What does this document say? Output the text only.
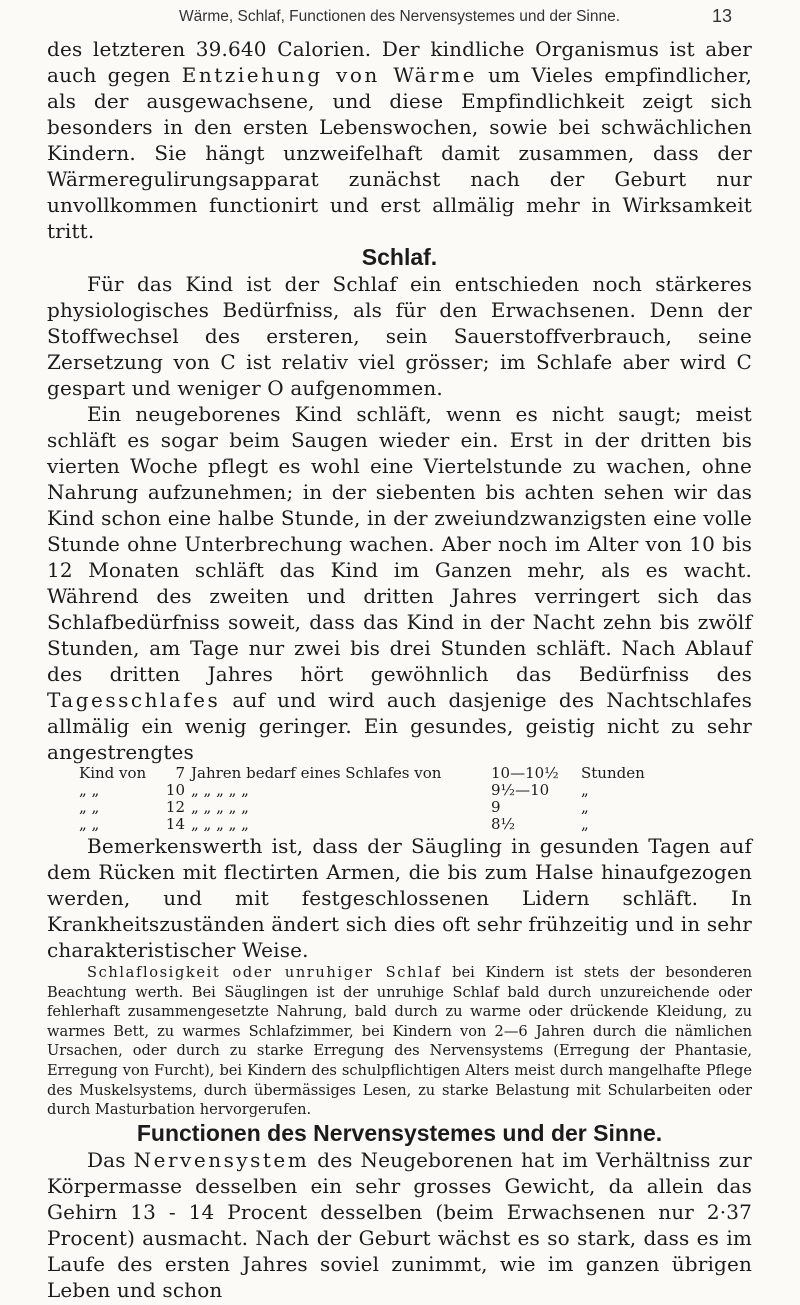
Wärme, Schlaf, Functionen des Nervensystemes und der Sinne.	13

des letzteren 39.640 Calorien. Der kindliche Organismus ist aber auch gegen Entziehung von Wärme um Vieles empfindlicher, als der ausgewachsene, und diese Empfindlichkeit zeigt sich besonders in den ersten Lebenswochen, sowie bei schwächlichen Kindern. Sie hängt unzweifelhaft damit zusammen, dass der Wärmeregulirungsapparat zunächst nach der Geburt nur unvollkommen functionirt und erst allmälig mehr in Wirksamkeit tritt.

Schlaf.

Für das Kind ist der Schlaf ein entschieden noch stärkeres physiologisches Bedürfniss, als für den Erwachsenen. Denn der Stoffwechsel des ersteren, sein Sauerstoffverbrauch, seine Zersetzung von C ist relativ viel grösser; im Schlafe aber wird C gespart und weniger O aufgenommen.

Ein neugeborenes Kind schläft, wenn es nicht saugt; meist schläft es sogar beim Saugen wieder ein. Erst in der dritten bis vierten Woche pflegt es wohl eine Viertelstunde zu wachen, ohne Nahrung aufzunehmen; in der siebenten bis achten sehen wir das Kind schon eine halbe Stunde, in der zweiundzwanzigsten eine volle Stunde ohne Unterbrechung wachen. Aber noch im Alter von 10 bis 12 Monaten schläft das Kind im Ganzen mehr, als es wacht. Während des zweiten und dritten Jahres verringert sich das Schlafbedürfniss soweit, dass das Kind in der Nacht zehn bis zwölf Stunden, am Tage nur zwei bis drei Stunden schläft. Nach Ablauf des dritten Jahres hört gewöhnlich das Bedürfniss des Tagesschlafes auf und wird auch dasjenige des Nachtschlafes allmälig ein wenig geringer. Ein gesundes, geistig nicht zu sehr angestrengtes

Kind von	7	Jahren bedarf eines Schlafes von	10—10½	Stunden
„ „	10	„ „ „ „ „	9½—10	„
„ „	12	„ „ „ „ „	9	„
„ „	14	„ „ „ „ „	8½	„

Bemerkenswerth ist, dass der Säugling in gesunden Tagen auf dem Rücken mit flectirten Armen, die bis zum Halse hinaufgezogen werden, und mit festgeschlossenen Lidern schläft. In Krankheitszuständen ändert sich dies oft sehr frühzeitig und in sehr charakteristischer Weise.

Schlaflosigkeit oder unruhiger Schlaf bei Kindern ist stets der besonderen Beachtung werth. Bei Säuglingen ist der unruhige Schlaf bald durch unzureichende oder fehlerhaft zusammengesetzte Nahrung, bald durch zu warme oder drückende Kleidung, zu warmes Bett, zu warmes Schlafzimmer, bei Kindern von 2—6 Jahren durch die nämlichen Ursachen, oder durch zu starke Erregung des Nervensystems (Erregung der Phantasie, Erregung von Furcht), bei Kindern des schulpflichtigen Alters meist durch mangelhafte Pflege des Muskelsystems, durch übermässiges Lesen, zu starke Belastung mit Schularbeiten oder durch Masturbation hervorgerufen.

Functionen des Nervensystemes und der Sinne.

Das Nervensystem des Neugeborenen hat im Verhältniss zur Körpermasse desselben ein sehr grosses Gewicht, da allein das Gehirn 13 - 14 Procent desselben (beim Erwachsenen nur 2·37 Procent) ausmacht. Nach der Geburt wächst es so stark, dass es im Laufe des ersten Jahres soviel zunimmt, wie im ganzen übrigen Leben und schon
